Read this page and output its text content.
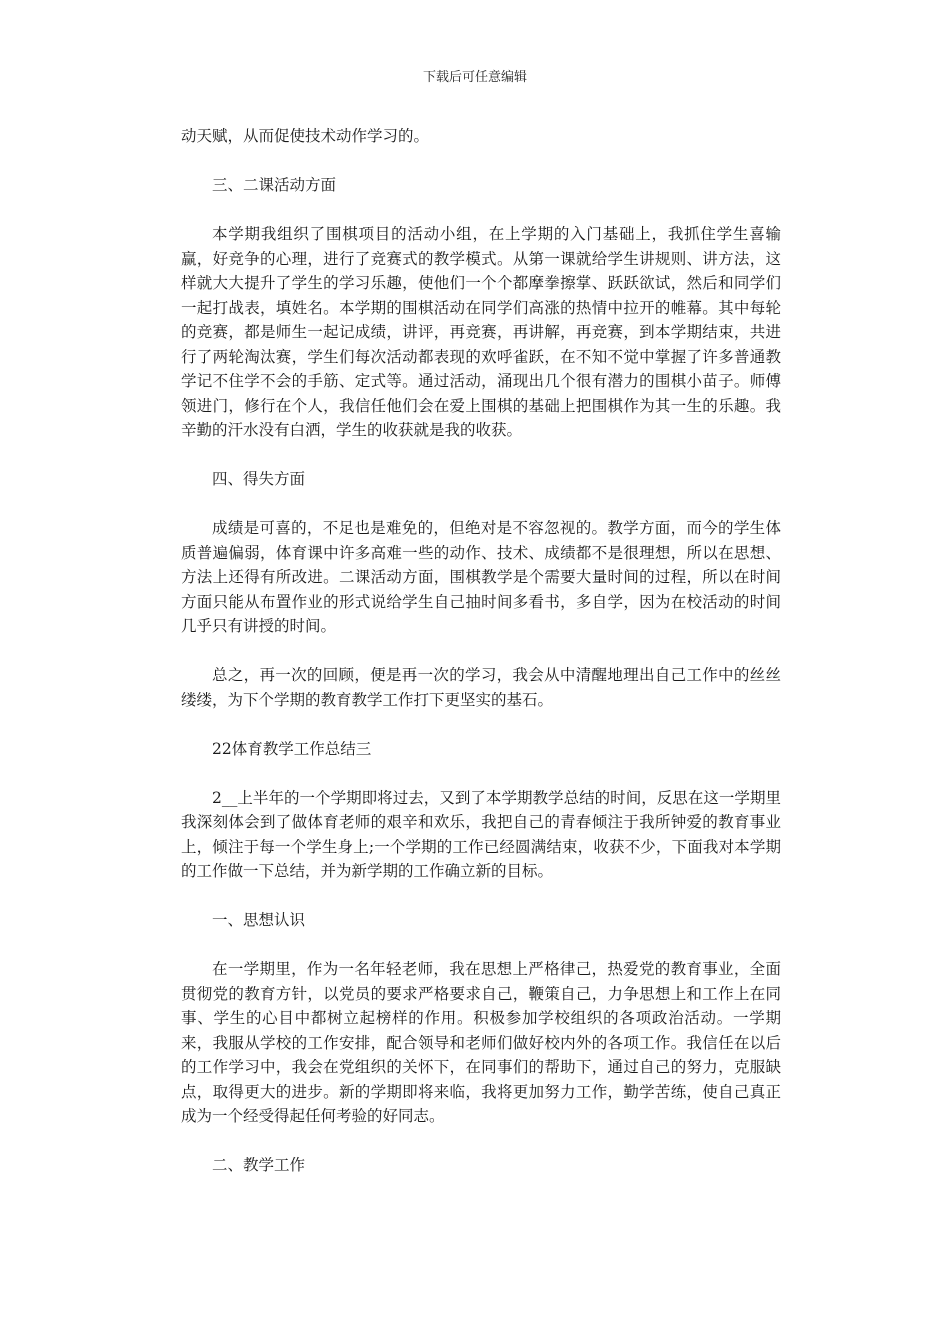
下载后可任意编辑

动天赋，从而促使技术动作学习的。

三、二课活动方面

本学期我组织了围棋项目的活动小组，在上学期的入门基础上，我抓住学生喜输赢，好竞争的心理，进行了竞赛式的教学模式。从第一课就给学生讲规则、讲方法，这样就大大提升了学生的学习乐趣，使他们一个个都摩拳擦掌、跃跃欲试，然后和同学们一起打战表，填姓名。本学期的围棋活动在同学们高涨的热情中拉开的帷幕。其中每轮的竞赛，都是师生一起记成绩，讲评，再竞赛，再讲解，再竞赛，到本学期结束，共进行了两轮淘汰赛，学生们每次活动都表现的欢呼雀跃，在不知不觉中掌握了许多普通教学记不住学不会的手筋、定式等。通过活动，涌现出几个很有潜力的围棋小苗子。师傅领进门，修行在个人，我信任他们会在爱上围棋的基础上把围棋作为其一生的乐趣。我辛勤的汗水没有白洒，学生的收获就是我的收获。

四、得失方面

成绩是可喜的，不足也是难免的，但绝对是不容忽视的。教学方面，而今的学生体质普遍偏弱，体育课中许多高难一些的动作、技术、成绩都不是很理想，所以在思想、方法上还得有所改进。二课活动方面，围棋教学是个需要大量时间的过程，所以在时间方面只能从布置作业的形式说给学生自己抽时间多看书，多自学，因为在校活动的时间几乎只有讲授的时间。

总之，再一次的回顾，便是再一次的学习，我会从中清醒地理出自己工作中的丝丝缕缕，为下个学期的教育教学工作打下更坚实的基石。

22体育教学工作总结三

2__上半年的一个学期即将过去，又到了本学期教学总结的时间，反思在这一学期里我深刻体会到了做体育老师的艰辛和欢乐，我把自己的青春倾注于我所钟爱的教育事业上，倾注于每一个学生身上;一个学期的工作已经圆满结束，收获不少，下面我对本学期的工作做一下总结，并为新学期的工作确立新的目标。

一、思想认识

在一学期里，作为一名年轻老师，我在思想上严格律己，热爱党的教育事业，全面贯彻党的教育方针，以党员的要求严格要求自己，鞭策自己，力争思想上和工作上在同事、学生的心目中都树立起榜样的作用。积极参加学校组织的各项政治活动。一学期来，我服从学校的工作安排，配合领导和老师们做好校内外的各项工作。我信任在以后的工作学习中，我会在党组织的关怀下，在同事们的帮助下，通过自己的努力，克服缺点，取得更大的进步。新的学期即将来临，我将更加努力工作，勤学苦练，使自己真正成为一个经受得起任何考验的好同志。

二、教学工作
